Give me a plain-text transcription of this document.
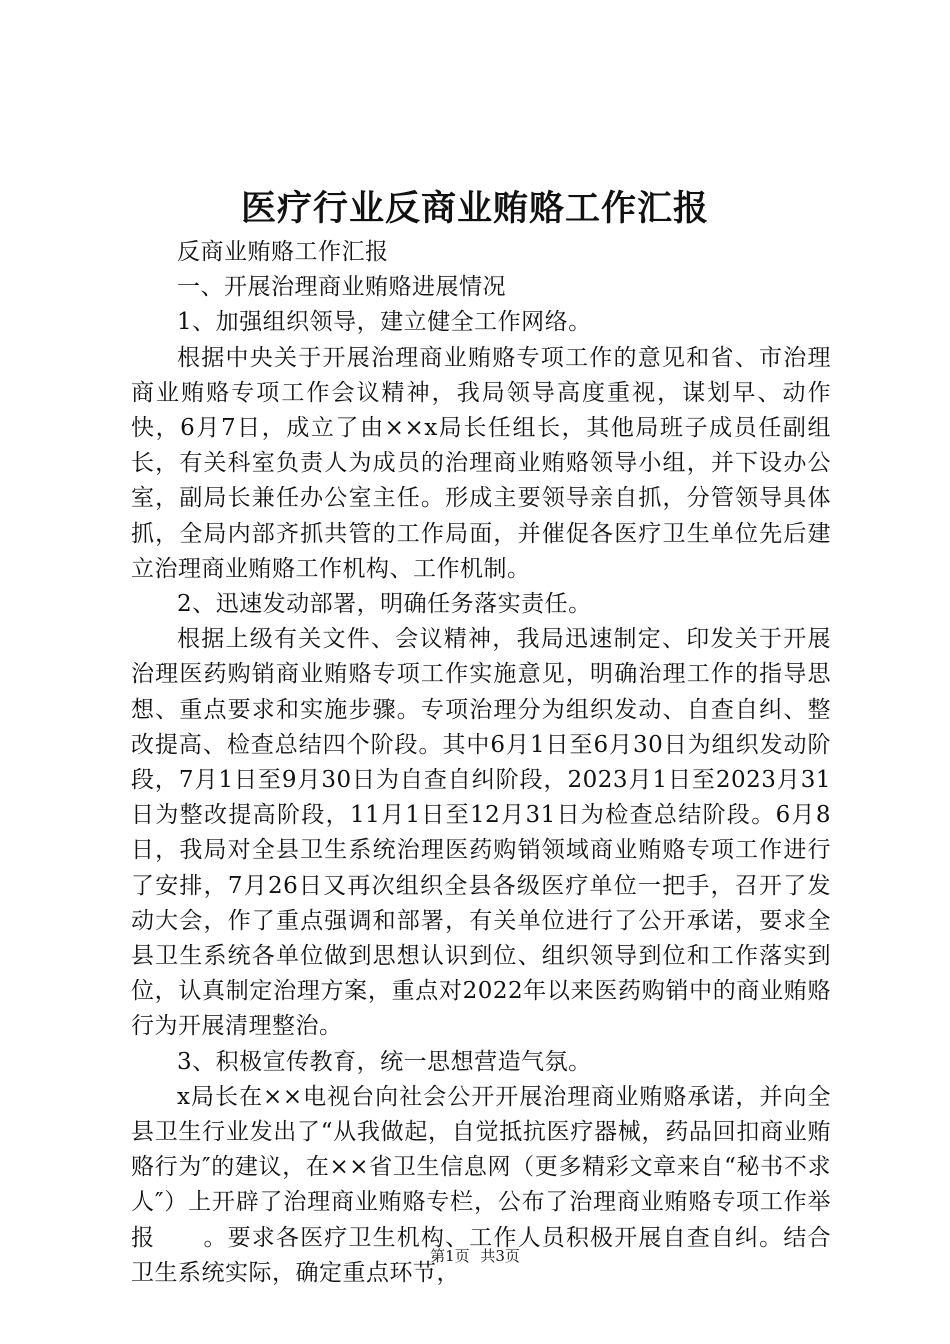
医疗行业反商业贿赂工作汇报

反商业贿赂工作汇报

一、开展治理商业贿赂进展情况

1、加强组织领导，建立健全工作网络。

根据中央关于开展治理商业贿赂专项工作的意见和省、市治理商业贿赂专项工作会议精神，我局领导高度重视，谋划早、动作快，6月7日，成立了由××x局长任组长，其他局班子成员任副组长，有关科室负责人为成员的治理商业贿赂领导小组，并下设办公室，副局长兼任办公室主任。形成主要领导亲自抓，分管领导具体抓，全局内部齐抓共管的工作局面，并催促各医疗卫生单位先后建立治理商业贿赂工作机构、工作机制。

2、迅速发动部署，明确任务落实责任。

根据上级有关文件、会议精神，我局迅速制定、印发关于开展治理医药购销商业贿赂专项工作实施意见，明确治理工作的指导思想、重点要求和实施步骤。专项治理分为组织发动、自查自纠、整改提高、检查总结四个阶段。其中6月1日至6月30日为组织发动阶段，7月1日至9月30日为自查自纠阶段，2023月1日至2023月31日为整改提高阶段，11月1日至12月31日为检查总结阶段。6月8日，我局对全县卫生系统治理医药购销领域商业贿赂专项工作进行了安排，7月26日又再次组织全县各级医疗单位一把手，召开了发动大会，作了重点强调和部署，有关单位进行了公开承诺，要求全县卫生系统各单位做到思想认识到位、组织领导到位和工作落实到位，认真制定治理方案，重点对2022年以来医药购销中的商业贿赂行为开展清理整治。

3、积极宣传教育，统一思想营造气氛。

x局长在××电视台向社会公开开展治理商业贿赂承诺，并向全县卫生行业发出了“从我做起，自觉抵抗医疗器械，药品回扣商业贿赂行为″的建议，在××省卫生信息网（更多精彩文章来自“秘书不求人″）上开辟了治理商业贿赂专栏，公布了治理商业贿赂专项工作举报　　。要求各医疗卫生机构、工作人员积极开展自查自纠。结合卫生系统实际，确定重点环节，

第1页 共3页
